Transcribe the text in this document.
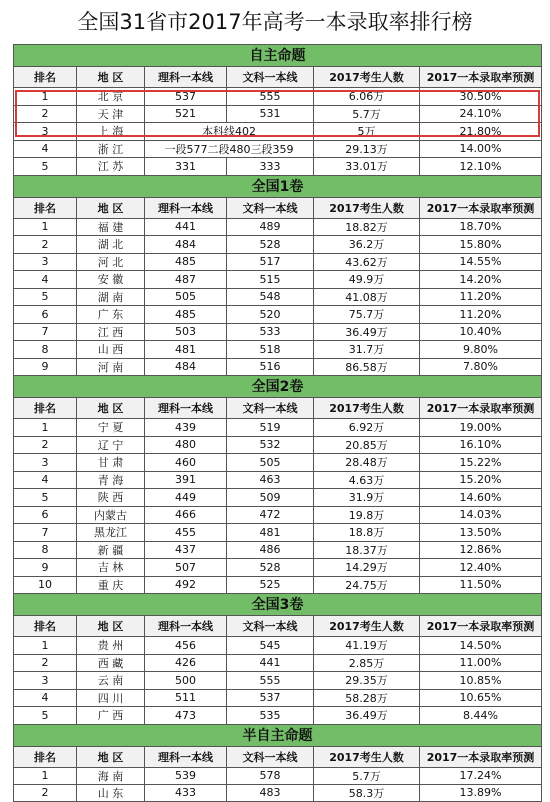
全国31省市2017年高考一本录取率排行榜
自主命题
排名	地 区	理科一本线	文科一本线	2017考生人数	2017一本录取率预测
1	北 京	537	555	6.06万	30.50%
2	天 津	521	531	5.7万	24.10%
3	上 海	本科线402	5万	21.80%
4	浙 江	一段577二段480三段359	29.13万	14.00%
5	江 苏	331	333	33.01万	12.10%
全国1卷
排名	地 区	理科一本线	文科一本线	2017考生人数	2017一本录取率预测
1	福 建	441	489	18.82万	18.70%
2	湖 北	484	528	36.2万	15.80%
3	河 北	485	517	43.62万	14.55%
4	安 徽	487	515	49.9万	14.20%
5	湖 南	505	548	41.08万	11.20%
6	广 东	485	520	75.7万	11.20%
7	江 西	503	533	36.49万	10.40%
8	山 西	481	518	31.7万	9.80%
9	河 南	484	516	86.58万	7.80%
全国2卷
排名	地 区	理科一本线	文科一本线	2017考生人数	2017一本录取率预测
1	宁 夏	439	519	6.92万	19.00%
2	辽 宁	480	532	20.85万	16.10%
3	甘 肃	460	505	28.48万	15.22%
4	青 海	391	463	4.63万	15.20%
5	陕 西	449	509	31.9万	14.60%
6	内蒙古	466	472	19.8万	14.03%
7	黑龙江	455	481	18.8万	13.50%
8	新 疆	437	486	18.37万	12.86%
9	吉 林	507	528	14.29万	12.40%
10	重 庆	492	525	24.75万	11.50%
全国3卷
排名	地 区	理科一本线	文科一本线	2017考生人数	2017一本录取率预测
1	贵 州	456	545	41.19万	14.50%
2	西 藏	426	441	2.85万	11.00%
3	云 南	500	555	29.35万	10.85%
4	四 川	511	537	58.28万	10.65%
5	广 西	473	535	36.49万	8.44%
半自主命题
排名	地 区	理科一本线	文科一本线	2017考生人数	2017一本录取率预测
1	海 南	539	578	5.7万	17.24%
2	山 东	433	483	58.3万	13.89%
